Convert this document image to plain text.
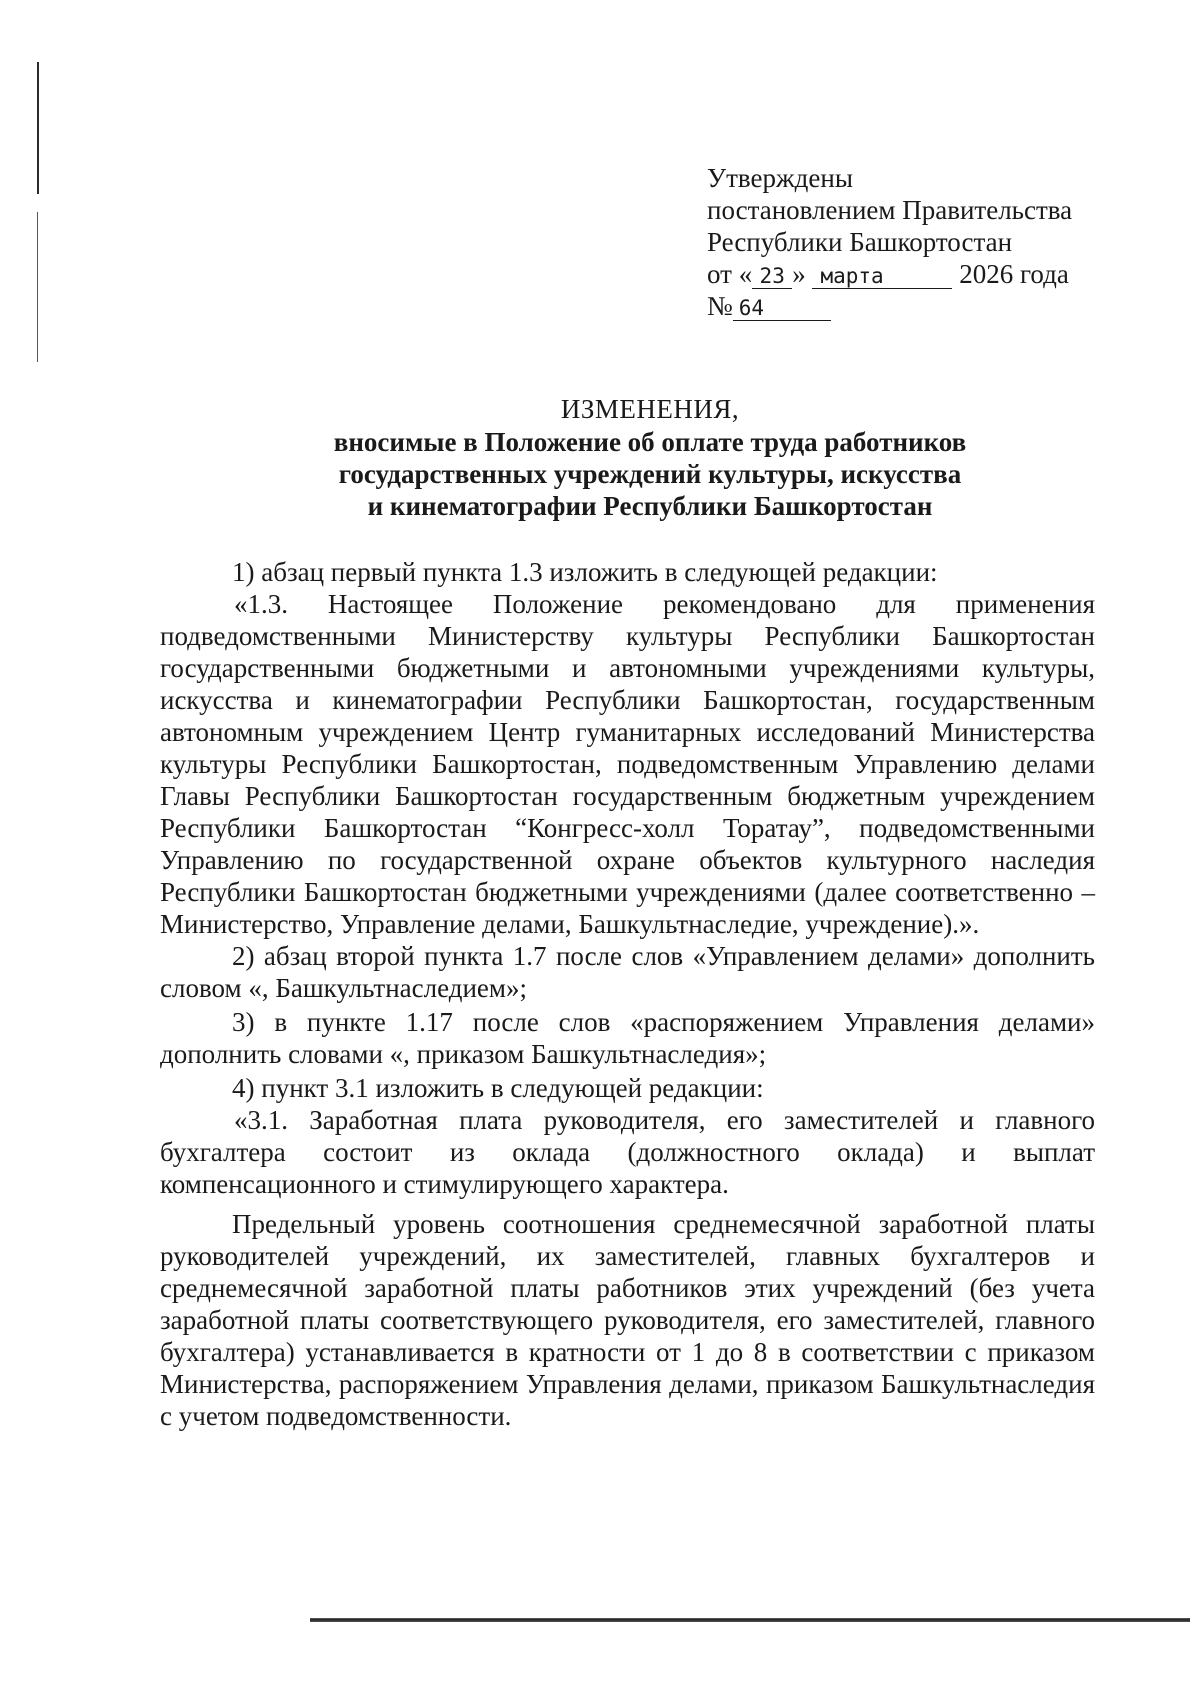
Утверждены
постановлением Правительства
Республики Башкортостан
от « 23 » марта	2026 года
№ 64
ИЗМЕНЕНИЯ,
вносимые в Положение об оплате труда работников
государственных учреждений культуры, искусства
и кинематографии Республики Башкортостан

1) абзац первый пункта 1.3 изложить в следующей редакции:

«1.3. Настоящее Положение рекомендовано для применения подведомственными Министерству культуры Республики Башкортостан государственными бюджетными и автономными учреждениями культуры, искусства и кинематографии Республики Башкортостан, государственным автономным учреждением Центр гуманитарных исследований Министерства культуры Республики Башкортостан, подведомственным Управлению делами Главы Республики Башкортостан государственным бюджетным учреждением Республики Башкортостан “Конгресс-холл Торатау”, подведомственными Управлению по государственной охране объектов культурного наследия Республики Башкортостан бюджетными учреждениями (далее соответственно – Министерство, Управление делами, Башкультнаследие, учреждение).».

2) абзац второй пункта 1.7 после слов «Управлением делами» дополнить словом «, Башкультнаследием»;

3) в пункте 1.17 после слов «распоряжением Управления делами» дополнить словами «, приказом Башкультнаследия»;

4) пункт 3.1 изложить в следующей редакции:

«3.1. Заработная плата руководителя, его заместителей и главного бухгалтера состоит из оклада (должностного оклада) и выплат компенсационного и стимулирующего характера.

Предельный уровень соотношения среднемесячной заработной платы руководителей учреждений, их заместителей, главных бухгалтеров и среднемесячной заработной платы работников этих учреждений (без учета заработной платы соответствующего руководителя, его заместителей, главного бухгалтера) устанавливается в кратности от 1 до 8 в соответствии с приказом Министерства, распоряжением Управления делами, приказом Башкультнаследия с учетом подведомственности.
